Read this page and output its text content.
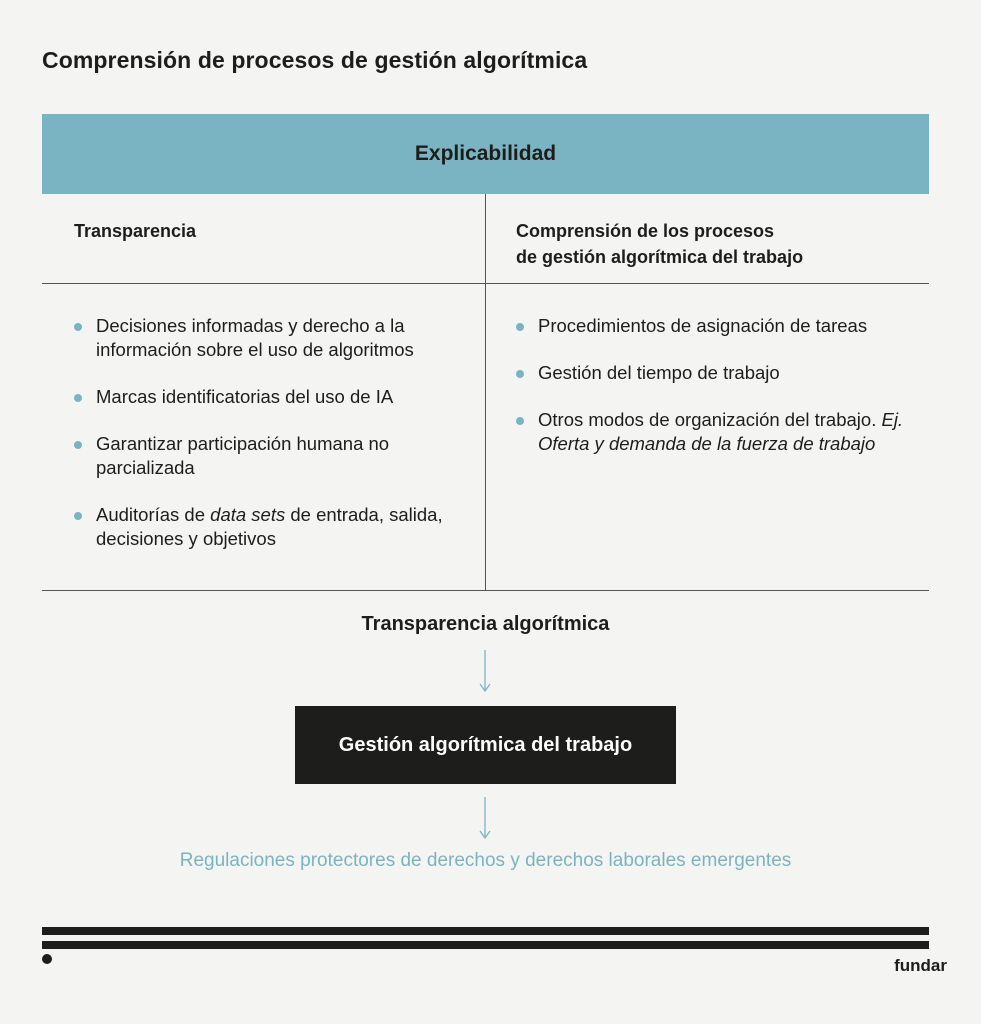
Comprensión de procesos de gestión algorítmica
Explicabilidad
Transparencia	Comprensión de los procesos
de gestión algorítmica del trabajo
Decisiones informadas y derecho a la información sobre el uso de algoritmos
Marcas identificatorias del uso de IA
Garantizar participación humana no parcializada
Auditorías de data sets de entrada, salida, decisiones y objetivos
Procedimientos de asignación de tareas
Gestión del tiempo de trabajo
Otros modos de organización del trabajo. Ej. Oferta y demanda de la fuerza de trabajo
Transparencia algorítmica
Gestión algorítmica del trabajo
Regulaciones protectores de derechos y derechos laborales emergentes
fundar
